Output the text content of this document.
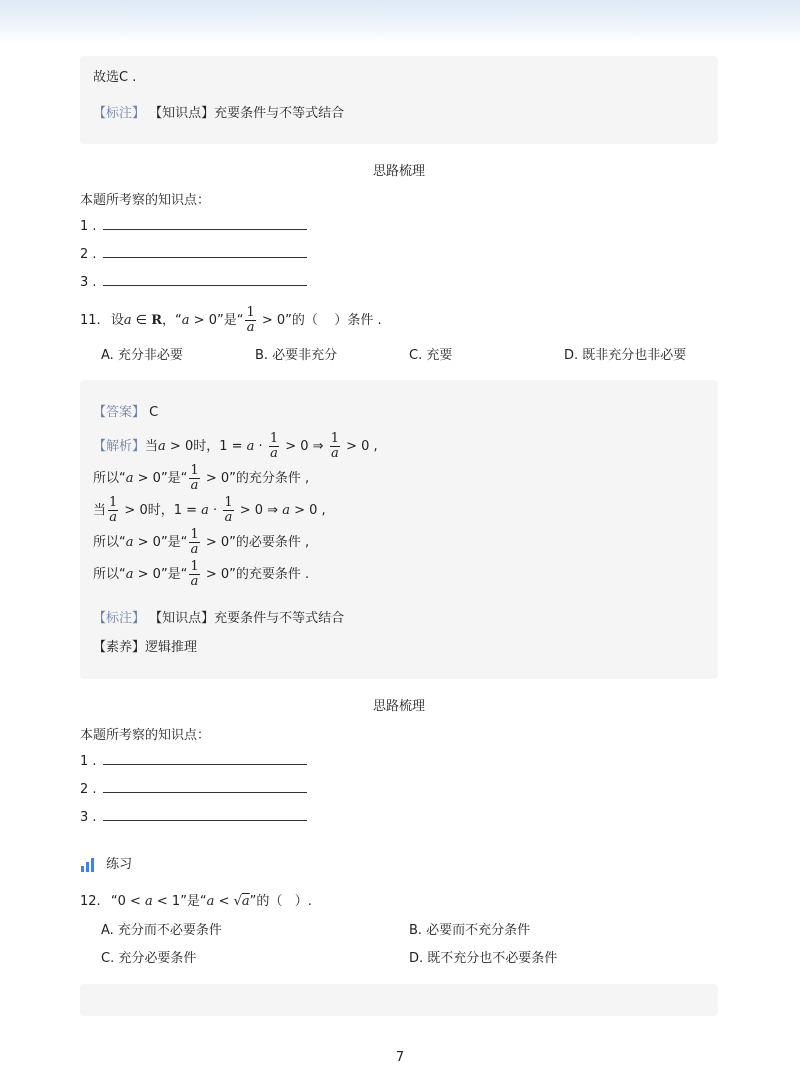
故选C .
【标注】 【知识点】充要条件与不等式结合
思路梳理
本题所考察的知识点：
1 .
2 .
3 .
11. 设a ∈ R，“a > 0”是“ $\frac{1}{a} > 0$”的（    ）条件 .
A. 充分非必要	B. 必要非充分	C. 充要	D. 既非充分也非必要
【答案】 C
【解析】当a > 0时，$1 = a \cdot \frac{1}{a} > 0$ ⇒ $\frac{1}{a} > 0$ ,
所以“a > 0”是“ $\frac{1}{a} > 0$”的充分条件 ,
当 $\frac{1}{a} > 0$时，$1 = a \cdot \frac{1}{a} > 0$ ⇒ a > 0 ,
所以“a > 0”是“ $\frac{1}{a} > 0$”的必要条件 ,
所以“a > 0”是“ $\frac{1}{a} > 0$”的充要条件 .
【标注】 【知识点】充要条件与不等式结合
【素养】逻辑推理
思路梳理
本题所考察的知识点：
1 .
2 .
3 .
练习
12. “0 < a < 1”是“a < √a”的（   ）.
A. 充分而不必要条件	B. 必要而不充分条件
C. 充分必要条件	D. 既不充分也不必要条件
7
